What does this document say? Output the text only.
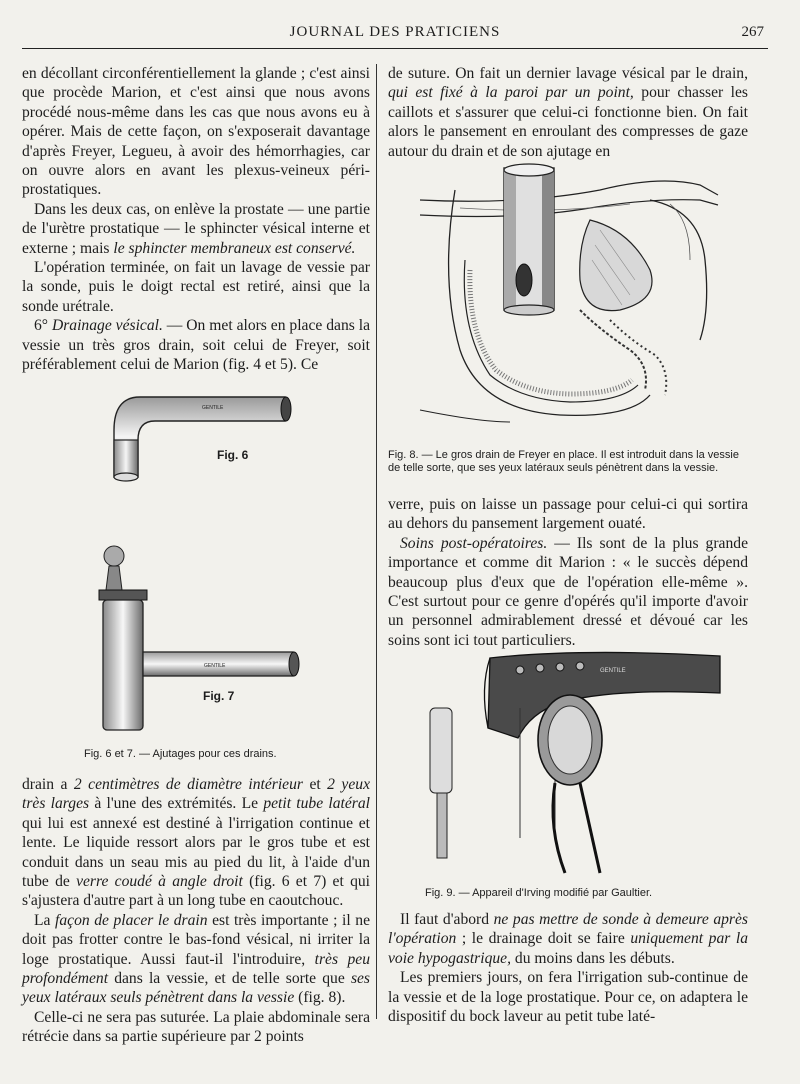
JOURNAL DES PRATICIENS	267

en décollant circonférentiellement la glande ; c'est ainsi que procède Marion, et c'est ainsi que nous avons procédé nous-même dans les cas que nous avons eu à opérer. Mais de cette façon, on s'exposerait davantage d'après Freyer, Legueu, à avoir des hémorrhagies, car on ouvre alors en avant les plexus-veineux péri-prostatiques.

Dans les deux cas, on enlève la prostate — une partie de l'urètre prostatique — le sphincter vésical interne et externe ; mais le sphincter membraneux est conservé.

L'opération terminée, on fait un lavage de vessie par la sonde, puis le doigt rectal est retiré, ainsi que la sonde urétrale.

6° Drainage vésical. — On met alors en place dans la vessie un très gros drain, soit celui de Freyer, soit préférablement celui de Marion (fig. 4 et 5). Ce

GENTILE
Fig. 6
GENTILE
Fig. 7
Fig. 6 et 7. — Ajutages pour ces drains.

drain a 2 centimètres de diamètre intérieur et 2 yeux très larges à l'une des extrémités. Le petit tube latéral qui lui est annexé est destiné à l'irrigation continue et lente. Le liquide ressort alors par le gros tube et est conduit dans un seau mis au pied du lit, à l'aide d'un tube de verre coudé à angle droit (fig. 6 et 7) et qui s'ajustera d'autre part à un long tube en caoutchouc.

La façon de placer le drain est très importante ; il ne doit pas frotter contre le bas-fond vésical, ni irriter la loge prostatique. Aussi faut-il l'introduire, très peu profondément dans la vessie, et de telle sorte que ses yeux latéraux seuls pénètrent dans la vessie (fig. 8).

Celle-ci ne sera pas suturée. La plaie abdominale sera rétrécie dans sa partie supérieure par 2 points

de suture. On fait un dernier lavage vésical par le drain, qui est fixé à la paroi par un point, pour chasser les caillots et s'assurer que celui-ci fonctionne bien. On fait alors le pansement en enroulant des compresses de gaze autour du drain et de son ajutage en

Fig. 8. — Le gros drain de Freyer en place. Il est introduit dans la vessie de telle sorte, que ses yeux latéraux seuls pénètrent dans la vessie.

verre, puis on laisse un passage pour celui-ci qui sortira au dehors du pansement largement ouaté.

Soins post-opératoires. — Ils sont de la plus grande importance et comme dit Marion : « le succès dépend beaucoup plus d'eux que de l'opération elle-même ». C'est surtout pour ce genre d'opérés qu'il importe d'avoir un personnel admirablement dressé et dévoué car les soins sont ici tout particuliers.

GENTILE
Fig. 9. — Appareil d'Irving modifié par Gaultier.

Il faut d'abord ne pas mettre de sonde à demeure après l'opération ; le drainage doit se faire uniquement par la voie hypogastrique, du moins dans les débuts.

Les premiers jours, on fera l'irrigation sub-continue de la vessie et de la loge prostatique. Pour ce, on adaptera le dispositif du bock laveur au petit tube laté-
